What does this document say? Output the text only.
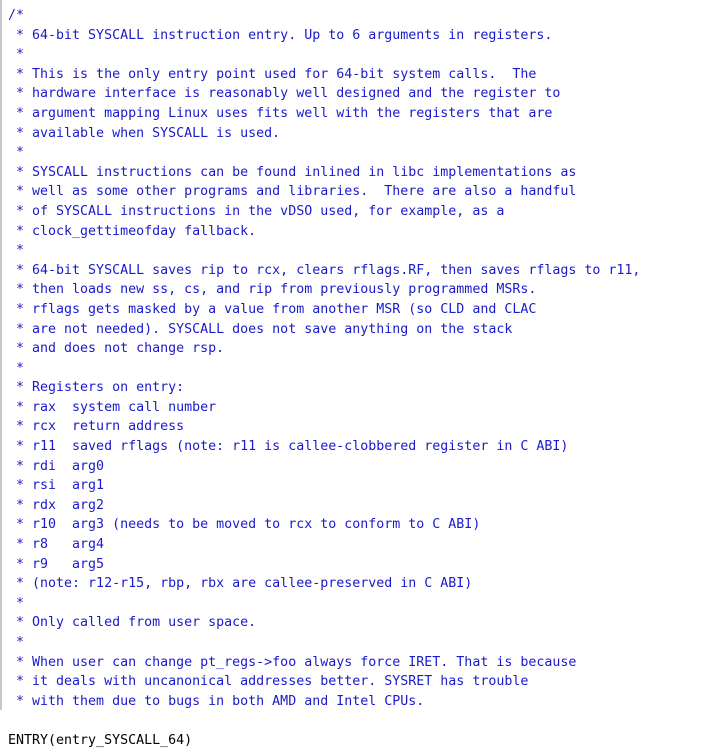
/*
* 64-bit SYSCALL instruction entry. Up to 6 arguments in registers.
*
* This is the only entry point used for 64-bit system calls.  The
* hardware interface is reasonably well designed and the register to
* argument mapping Linux uses fits well with the registers that are
* available when SYSCALL is used.
*
* SYSCALL instructions can be found inlined in libc implementations as
* well as some other programs and libraries.  There are also a handful
* of SYSCALL instructions in the vDSO used, for example, as a
* clock_gettimeofday fallback.
*
* 64-bit SYSCALL saves rip to rcx, clears rflags.RF, then saves rflags to r11,
* then loads new ss, cs, and rip from previously programmed MSRs.
* rflags gets masked by a value from another MSR (so CLD and CLAC
* are not needed). SYSCALL does not save anything on the stack
* and does not change rsp.
*
* Registers on entry:
* rax  system call number
* rcx  return address
* r11  saved rflags (note: r11 is callee-clobbered register in C ABI)
* rdi  arg0
* rsi  arg1
* rdx  arg2
* r10  arg3 (needs to be moved to rcx to conform to C ABI)
* r8   arg4
* r9   arg5
* (note: r12-r15, rbp, rbx are callee-preserved in C ABI)
*
* Only called from user space.
*
* When user can change pt_regs->foo always force IRET. That is because
* it deals with uncanonical addresses better. SYSRET has trouble
* with them due to bugs in both AMD and Intel CPUs.

ENTRY(entry_SYSCALL_64)
